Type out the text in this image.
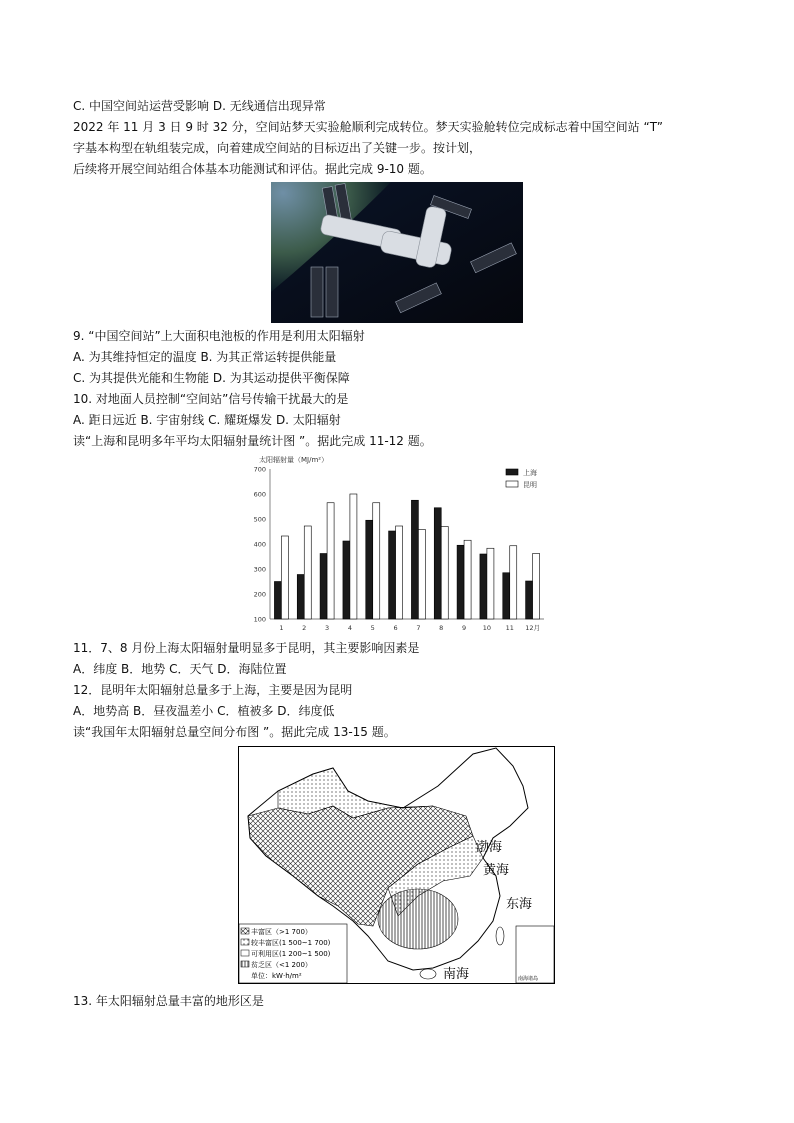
C. 中国空间站运营受影响 D. 无线通信出现异常
2022 年 11 月 3 日 9 时 32 分，空间站梦天实验舱顺利完成转位。梦天实验舱转位完成标志着中国空间站 “T”
字基本构型在轨组装完成，向着建成空间站的目标迈出了关键一步。按计划，
后续将开展空间站组合体基本功能测试和评估。据此完成 9-10 题。
9. “中国空间站”上大面积电池板的作用是利用太阳辐射
A. 为其维持恒定的温度 B. 为其正常运转提供能量
C. 为其提供光能和生物能 D. 为其运动提供平衡保障
10. 对地面人员控制“空间站”信号传输干扰最大的是
A. 距日远近 B. 宇宙射线 C. 耀斑爆发 D. 太阳辐射
读“上海和昆明多年平均太阳辐射量统计图 ”。据此完成 11-12 题。
太阳辐射量（MJ/m²）
100
200
300
400
500
600
700
1	2	3	4	5	6	7	8	9	10 11 12月
上海
昆明
11．7、8 月份上海太阳辐射量明显多于昆明，其主要影响因素是
A．纬度 B．地势 C．天气 D．海陆位置
12．昆明年太阳辐射总量多于上海，主要是因为昆明
A．地势高 B．昼夜温差小 C．植被多 D．纬度低
读“我国年太阳辐射总量空间分布图 ”。据此完成 13-15 题。
渤海
黄海
东海
南海	南海诸岛
丰富区（>1 700）
较丰富区(1 500~1 700)
可利用区(1 200~1 500)
贫乏区（<1 200）
单位：kW·h/m²
13. 年太阳辐射总量丰富的地形区是
